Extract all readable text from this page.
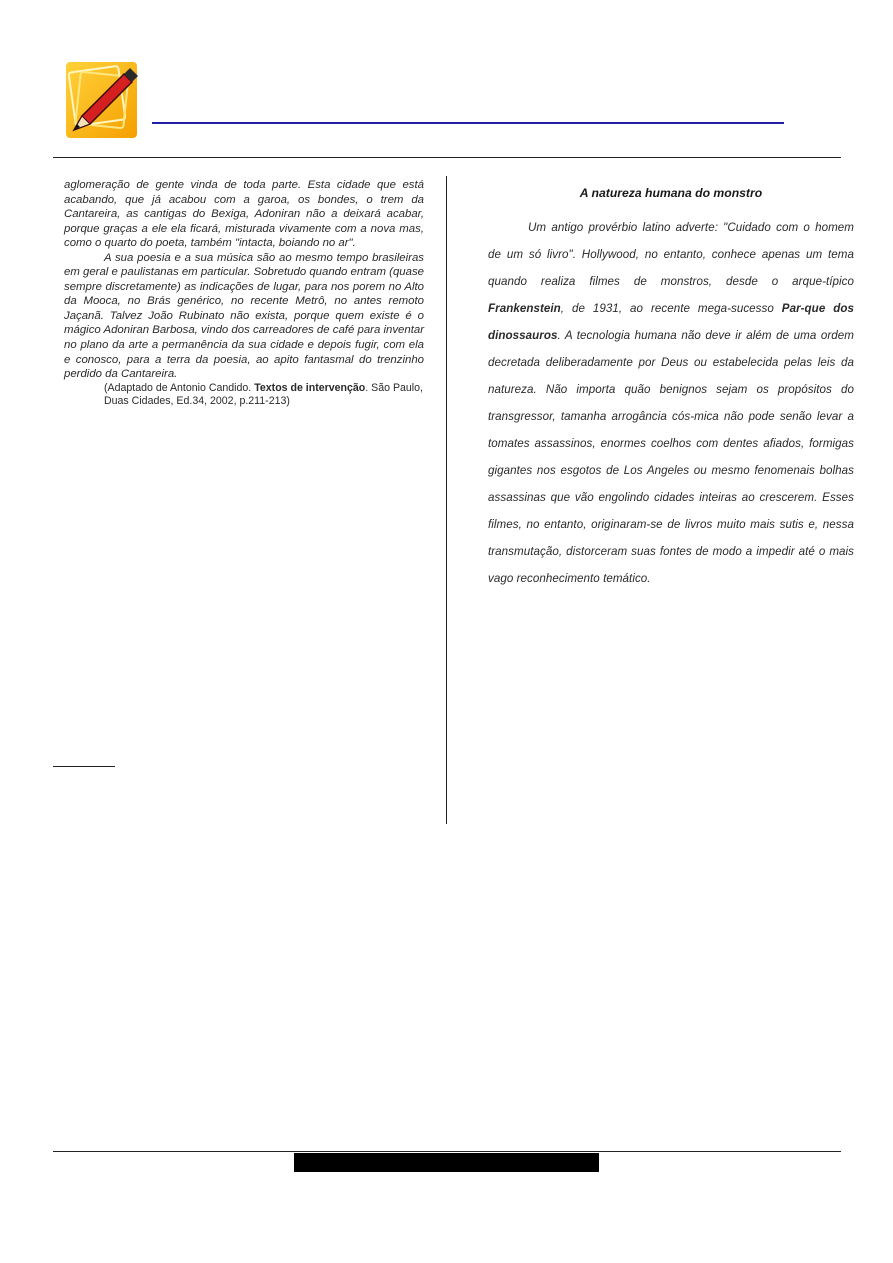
aglomeração de gente vinda de toda parte. Esta cidade que está acabando, que já acabou com a garoa, os bondes, o trem da Cantareira, as cantigas do Bexiga, Adoniran não a deixará acabar, porque graças a ele ela ficará, misturada vivamente com a nova mas, como o quarto do poeta, também "intacta, boiando no ar".

A sua poesia e a sua música são ao mesmo tempo brasileiras em geral e paulistanas em particular. Sobretudo quando entram (quase sempre discretamente) as indicações de lugar, para nos porem no Alto da Mooca, no Brás genérico, no recente Metrô, no antes remoto Jaçanã. Talvez João Rubinato não exista, porque quem existe é o mágico Adoniran Barbosa, vindo dos carreadores de café para inventar no plano da arte a permanência da sua cidade e depois fugir, com ela e conosco, para a terra da poesia, ao apito fantasmal do trenzinho perdido da Cantareira.

(Adaptado de Antonio Candido. Textos de intervenção. São Paulo, Duas Cidades, Ed.34, 2002, p.211-213)

A natureza humana do monstro

Um antigo provérbio latino adverte: "Cuidado com o homem de um só livro". Hollywood, no entanto, conhece apenas um tema quando realiza filmes de monstros, desde o arque-típico Frankenstein, de 1931, ao recente mega-sucesso Par-que dos dinossauros. A tecnologia humana não deve ir além de uma ordem decretada deliberadamente por Deus ou estabelecida pelas leis da natureza. Não importa quão benignos sejam os propósitos do transgressor, tamanha arrogância cós-mica não pode senão levar a tomates assassinos, enormes coelhos com dentes afiados, formigas gigantes nos esgotos de Los Angeles ou mesmo fenomenais bolhas assassinas que vão engolindo cidades inteiras ao crescerem. Esses filmes, no entanto, originaram-se de livros muito mais sutis e, nessa transmutação, distorceram suas fontes de modo a impedir até o mais vago reconhecimento temático.
